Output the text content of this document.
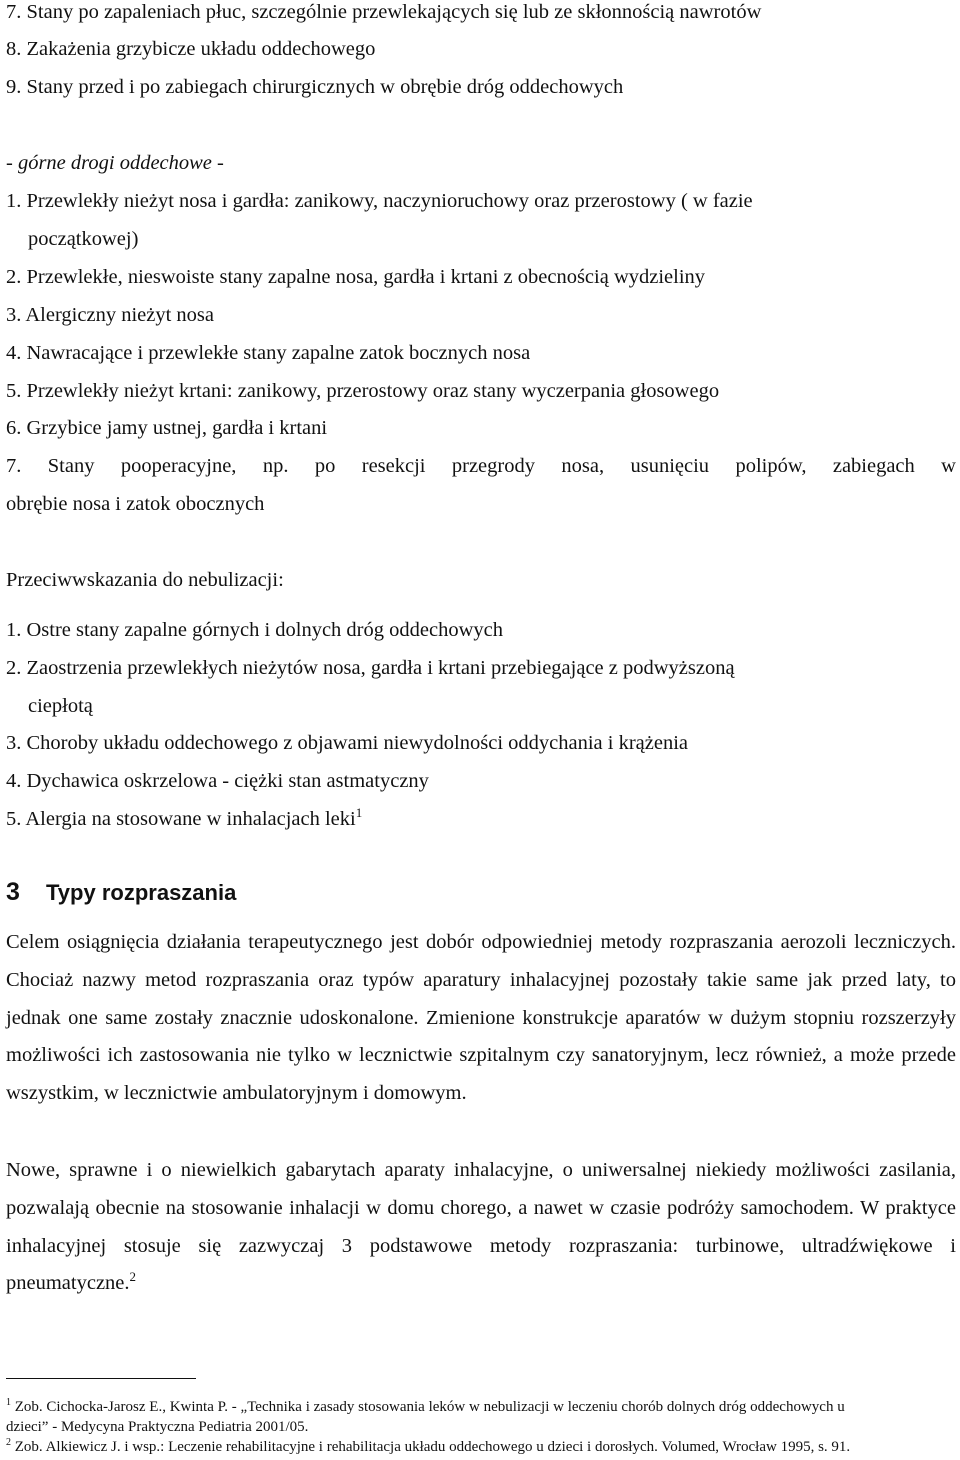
7. Stany po zapaleniach płuc, szczególnie przewlekających się lub ze skłonnością nawrotów
8. Zakażenia grzybicze układu oddechowego
9. Stany przed i po zabiegach chirurgicznych w obrębie dróg oddechowych
- górne drogi oddechowe -
1. Przewlekły nieżyt nosa i gardła: zanikowy, naczynioruchowy oraz przerostowy ( w fazie
początkowej)
2. Przewlekłe, nieswoiste stany zapalne nosa, gardła i krtani z obecnością wydzieliny
3. Alergiczny nieżyt nosa
4. Nawracające i przewlekłe stany zapalne zatok bocznych nosa
5. Przewlekły nieżyt krtani: zanikowy, przerostowy oraz stany wyczerpania głosowego
6. Grzybice jamy ustnej, gardła i krtani
7. Stany pooperacyjne, np. po resekcji przegrody nosa, usunięciu polipów, zabiegach w
obrębie nosa i zatok obocznych
Przeciwwskazania do nebulizacji:
1. Ostre stany zapalne górnych i dolnych dróg oddechowych
2. Zaostrzenia przewlekłych nieżytów nosa, gardła i krtani przebiegające z podwyższoną
ciepłotą
3. Choroby układu oddechowego z objawami niewydolności oddychania i krążenia
4. Dychawica oskrzelowa - ciężki stan astmatyczny
5. Alergia na stosowane w inhalacjach leki$^1$
3 Typy rozpraszania

Celem osiągnięcia działania terapeutycznego jest dobór odpowiedniej metody rozpraszania aerozoli leczniczych. Chociaż nazwy metod rozpraszania oraz typów aparatury inhalacyjnej pozostały takie same jak przed laty, to jednak one same zostały znacznie udoskonalone. Zmienione konstrukcje aparatów w dużym stopniu rozszerzyły możliwości ich zastosowania nie tylko w lecznictwie szpitalnym czy sanatoryjnym, lecz również, a może przede wszystkim, w lecznictwie ambulatoryjnym i domowym.

Nowe, sprawne i o niewielkich gabarytach aparaty inhalacyjne, o uniwersalnej niekiedy możliwości zasilania, pozwalają obecnie na stosowanie inhalacji w domu chorego, a nawet w czasie podróży samochodem. W praktyce inhalacyjnej stosuje się zazwyczaj 3 podstawowe metody rozpraszania: turbinowe, ultradźwiękowe i pneumatyczne.$^2$

$^1$ Zob. Cichocka-Jarosz E., Kwinta P. - „Technika i zasady stosowania leków w nebulizacji w leczeniu chorób dolnych dróg oddechowych u
dzieci” - Medycyna Praktyczna Pediatria 2001/05.
$^2$ Zob. Alkiewicz J. i wsp.: Leczenie rehabilitacyjne i rehabilitacja układu oddechowego u dzieci i dorosłych. Volumed, Wrocław 1995, s. 91.
